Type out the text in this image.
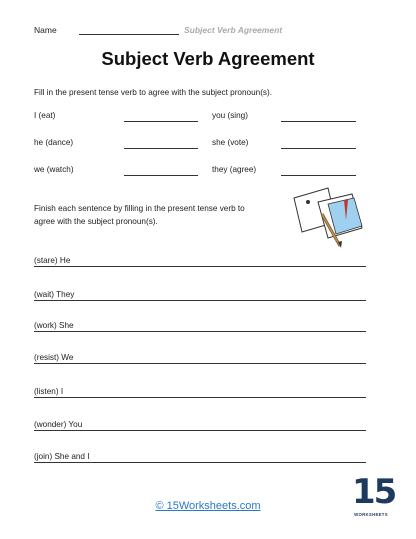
Name	Subject Verb Agreement
Subject Verb Agreement
Fill in the present tense verb to agree with the subject pronoun(s).
I (eat)	you (sing)
he (dance)	she (vote)
we (watch)	they (agree)
Finish each sentence by filling in the present tense verb to agree with the subject pronoun(s).
(stare) He
(wait) They
(work) She
(resist) We
(listen) I
(wonder) You
(join) She and I
© 15Worksheets.com	15
WORKSHEETS
